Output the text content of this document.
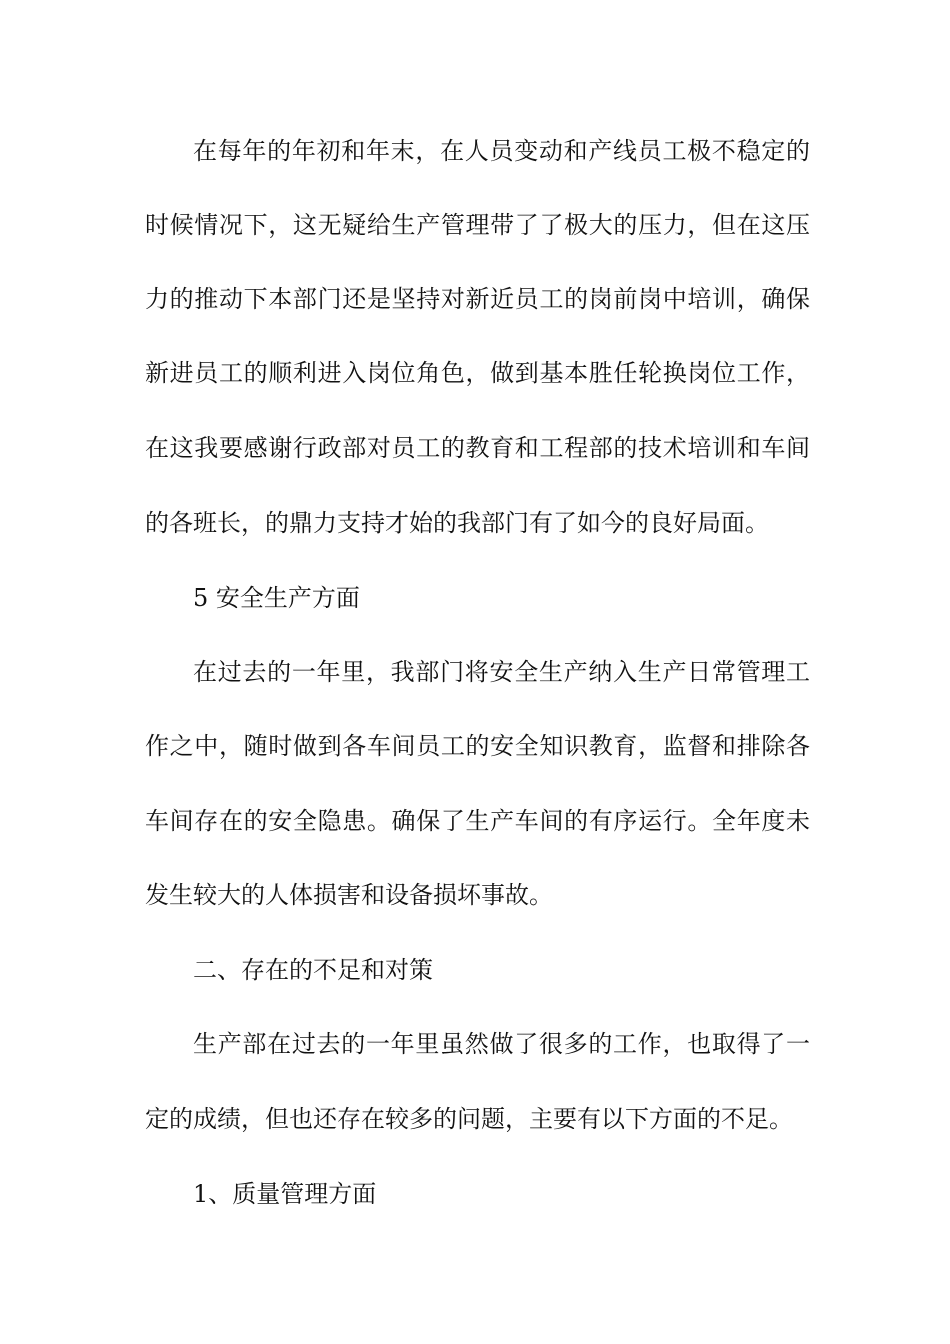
在每年的年初和年末，在人员变动和产线员工极不稳定的
时候情况下，这无疑给生产管理带了了极大的压力，但在这压
力的推动下本部门还是坚持对新近员工的岗前岗中培训，确保
新进员工的顺利进入岗位角色，做到基本胜任轮换岗位工作，
在这我要感谢行政部对员工的教育和工程部的技术培训和车间
的各班长，的鼎力支持才始的我部门有了如今的良好局面。
5 安全生产方面
在过去的一年里，我部门将安全生产纳入生产日常管理工
作之中，随时做到各车间员工的安全知识教育，监督和排除各
车间存在的安全隐患。确保了生产车间的有序运行。全年度未
发生较大的人体损害和设备损坏事故。
二、存在的不足和对策
生产部在过去的一年里虽然做了很多的工作，也取得了一
定的成绩，但也还存在较多的问题，主要有以下方面的不足。
1、质量管理方面
